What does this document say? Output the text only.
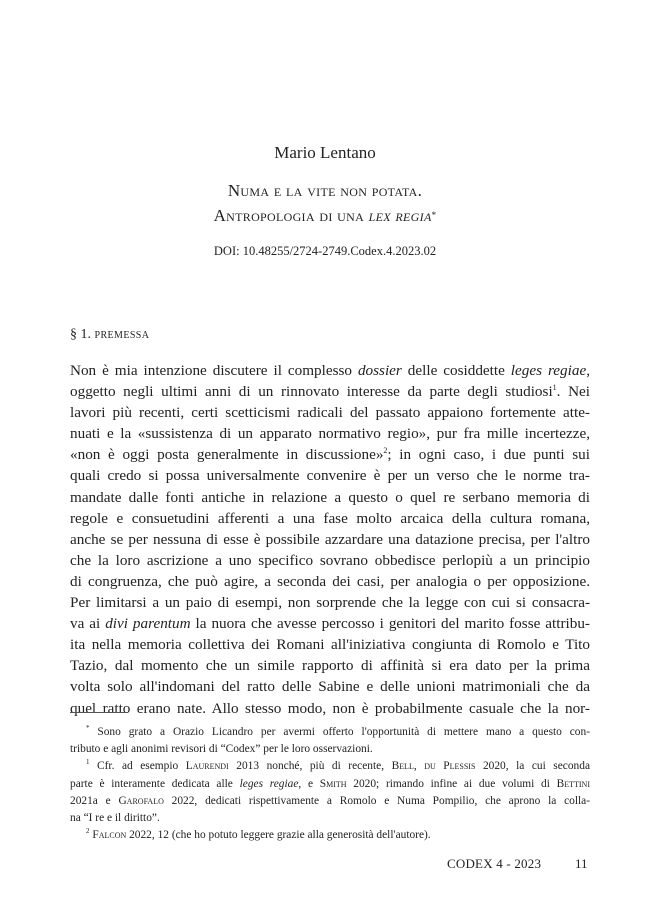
Mario Lentano
Numa e la vite non potata.
Antropologia di una lex regia*
DOI: 10.48255/2724-2749.Codex.4.2023.02
§ 1. premessa
Non è mia intenzione discutere il complesso dossier delle cosiddette leges regiae,
oggetto negli ultimi anni di un rinnovato interesse da parte degli studiosi$^1$. Nei
lavori più recenti, certi scetticismi radicali del passato appaiono fortemente atte-
nuati e la «sussistenza di un apparato normativo regio», pur fra mille incertezze,
«non è oggi posta generalmente in discussione»$^2$; in ogni caso, i due punti sui
quali credo si possa universalmente convenire è per un verso che le norme tra-
mandate dalle fonti antiche in relazione a questo o quel re serbano memoria di
regole e consuetudini afferenti a una fase molto arcaica della cultura romana,
anche se per nessuna di esse è possibile azzardare una datazione precisa, per l'altro
che la loro ascrizione a uno specifico sovrano obbedisce perlopiù a un principio
di congruenza, che può agire, a seconda dei casi, per analogia o per opposizione.
Per limitarsi a un paio di esempi, non sorprende che la legge con cui si consacra-
va ai divi parentum la nuora che avesse percosso i genitori del marito fosse attribu-
ita nella memoria collettiva dei Romani all'iniziativa congiunta di Romolo e Tito
Tazio, dal momento che un simile rapporto di affinità si era dato per la prima
volta solo all'indomani del ratto delle Sabine e delle unioni matrimoniali che da
quel ratto erano nate. Allo stesso modo, non è probabilmente casuale che la nor-
* Sono grato a Orazio Licandro per avermi offerto l'opportunità di mettere mano a questo con-
tributo e agli anonimi revisori di “Codex” per le loro osservazioni.
$^1$ Cfr. ad esempio Laurendi 2013 nonché, più di recente, Bell, du Plessis 2020, la cui seconda
parte è interamente dedicata alle leges regiae, e Smith 2020; rimando infine ai due volumi di Bettini
2021a e Garofalo 2022, dedicati rispettivamente a Romolo e Numa Pompilio, che aprono la colla-
na “I re e il diritto”.
$^2$ Falcon 2022, 12 (che ho potuto leggere grazie alla generosità dell'autore).
CODEX 4 - 2023	11
